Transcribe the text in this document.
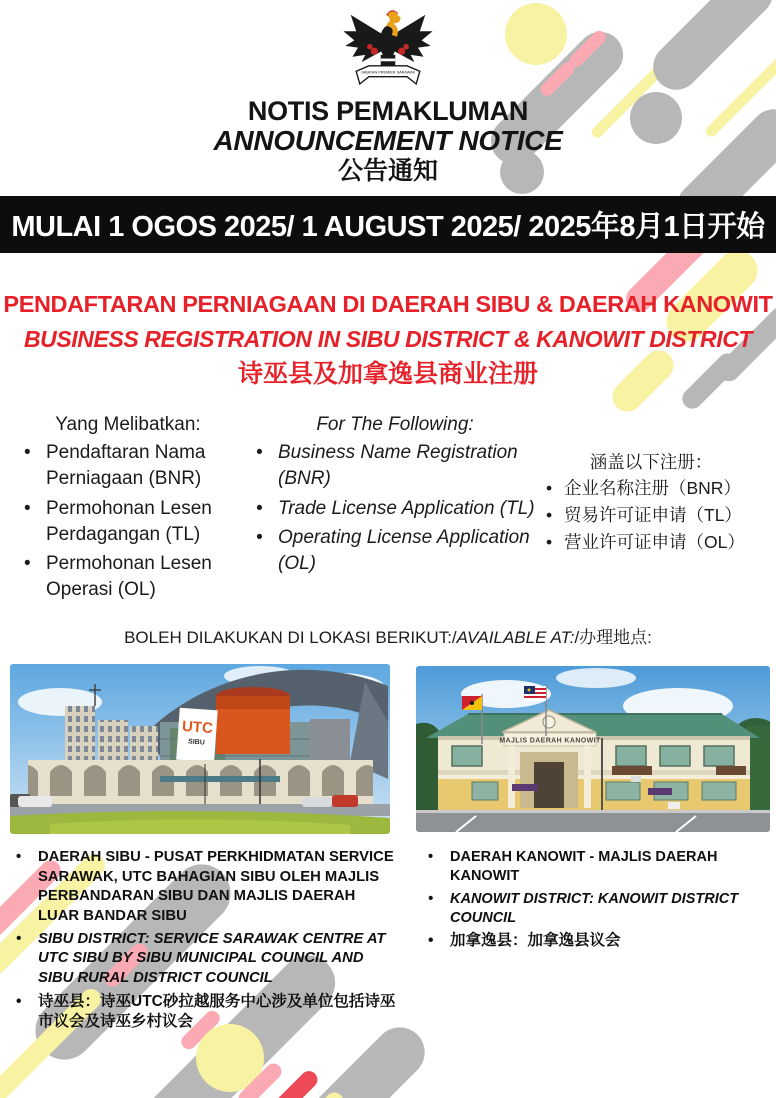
JABATAN PREMIER SARAWAK
NOTIS PEMAKLUMAN
ANNOUNCEMENT NOTICE
公告通知
MULAI 1 OGOS 2025/ 1 AUGUST 2025/ 2025年8月1日开始
PENDAFTARAN PERNIAGAAN DI DAERAH SIBU & DAERAH KANOWIT
BUSINESS REGISTRATION IN SIBU DISTRICT & KANOWIT DISTRICT
诗巫县及加拿逸县商业注册
Yang Melibatkan:
• Pendaftaran Nama Perniagaan (BNR)
• Permohonan Lesen Perdagangan (TL)
• Permohonan Lesen Operasi (OL)
For The Following:
• Business Name Registration (BNR)
• Trade License Application (TL)
• Operating License Application (OL)
涵盖以下注册：
• 企业名称注册（BNR）
• 贸易许可证申请（TL）
• 营业许可证申请（OL）
BOLEH DILAKUKAN DI LOKASI BERIKUT:/AVAILABLE AT:/办理地点:
UTC
SIBU	MAJLIS DAERAH KANOWIT
• DAERAH SIBU - PUSAT PERKHIDMATAN SERVICE SARAWAK, UTC BAHAGIAN SIBU OLEH MAJLIS PERBANDARAN SIBU DAN MAJLIS DAERAH LUAR BANDAR SIBU
• SIBU DISTRICT: SERVICE SARAWAK CENTRE AT UTC SIBU BY SIBU MUNICIPAL COUNCIL AND SIBU RURAL DISTRICT COUNCIL
• 诗巫县：诗巫UTC砂拉越服务中心涉及单位包括诗巫市议会及诗巫乡村议会
• DAERAH KANOWIT - MAJLIS DAERAH KANOWIT
• KANOWIT DISTRICT: KANOWIT DISTRICT COUNCIL
• 加拿逸县：加拿逸县议会
